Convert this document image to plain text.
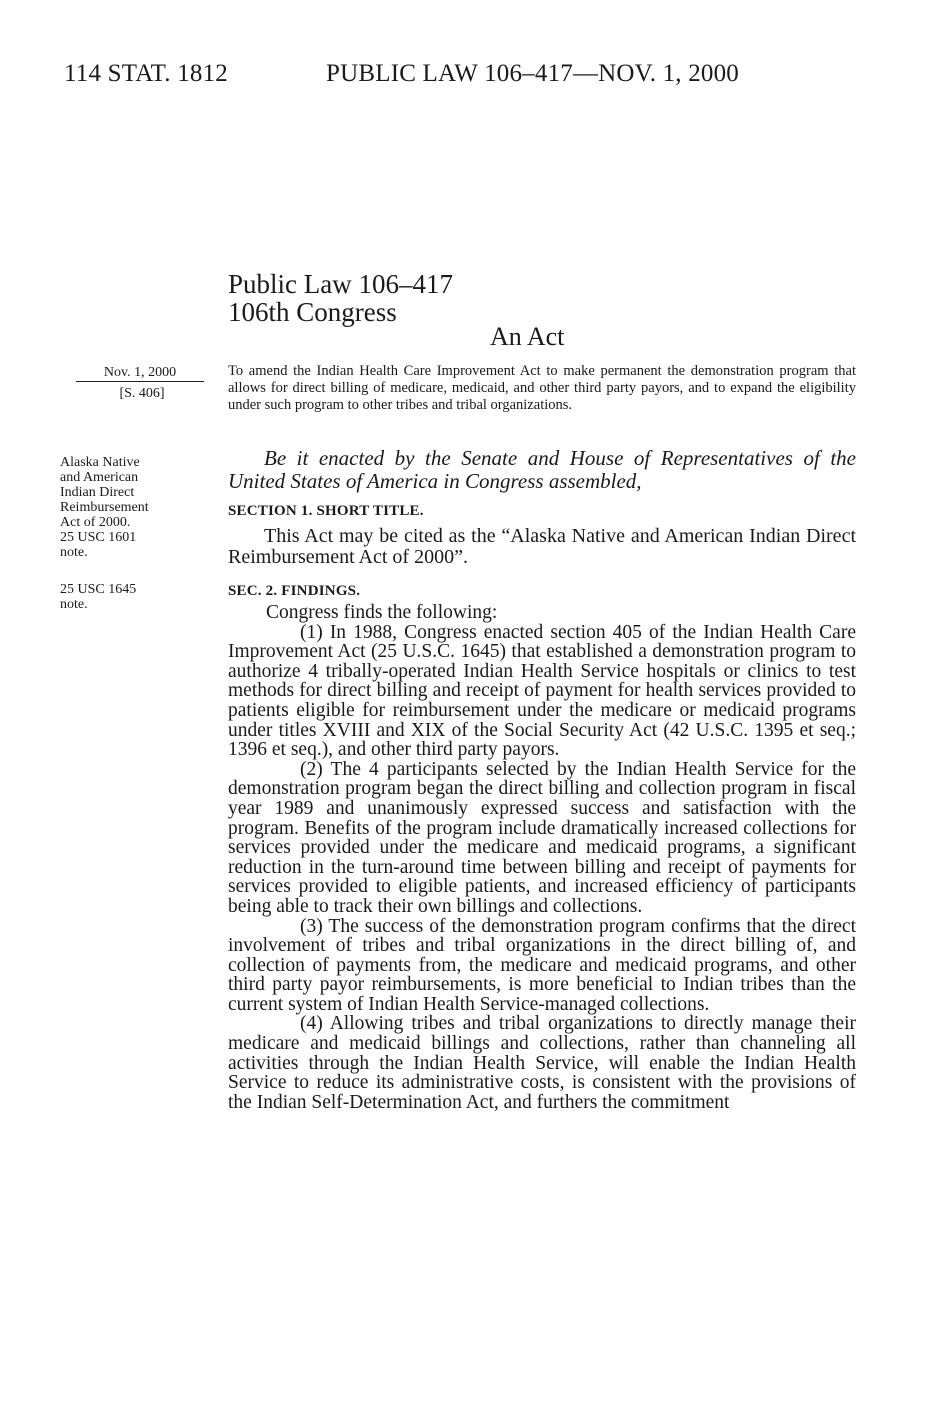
114 STAT. 1812	PUBLIC LAW 106–417—NOV. 1, 2000
Public Law 106–417
106th Congress
An Act
Nov. 1, 2000
[S. 406]
Alaska Native
and American
Indian Direct
Reimbursement
Act of 2000.
25 USC 1601
note.
25 USC 1645
note.
To amend the Indian Health Care Improvement Act to make permanent the demonstration program that allows for direct billing of medicare, medicaid, and other third party payors, and to expand the eligibility under such program to other tribes and tribal organizations.
Be it enacted by the Senate and House of Representatives of the United States of America in Congress assembled,
SECTION 1. SHORT TITLE.
This Act may be cited as the “Alaska Native and American Indian Direct Reimbursement Act of 2000”.
SEC. 2. FINDINGS.

Congress finds the following:

(1) In 1988, Congress enacted section 405 of the Indian Health Care Improvement Act (25 U.S.C. 1645) that established a demonstration program to authorize 4 tribally-operated Indian Health Service hospitals or clinics to test methods for direct billing and receipt of payment for health services provided to patients eligible for reimbursement under the medicare or medicaid programs under titles XVIII and XIX of the Social Security Act (42 U.S.C. 1395 et seq.; 1396 et seq.), and other third party payors.

(2) The 4 participants selected by the Indian Health Service for the demonstration program began the direct billing and collection program in fiscal year 1989 and unanimously expressed success and satisfaction with the program. Benefits of the program include dramatically increased collections for services provided under the medicare and medicaid programs, a significant reduction in the turn-around time between billing and receipt of payments for services provided to eligible patients, and increased efficiency of participants being able to track their own billings and collections.

(3) The success of the demonstration program confirms that the direct involvement of tribes and tribal organizations in the direct billing of, and collection of payments from, the medicare and medicaid programs, and other third party payor reimbursements, is more beneficial to Indian tribes than the current system of Indian Health Service-managed collections.

(4) Allowing tribes and tribal organizations to directly manage their medicare and medicaid billings and collections, rather than channeling all activities through the Indian Health Service, will enable the Indian Health Service to reduce its administrative costs, is consistent with the provisions of the Indian Self-Determination Act, and furthers the commitment
